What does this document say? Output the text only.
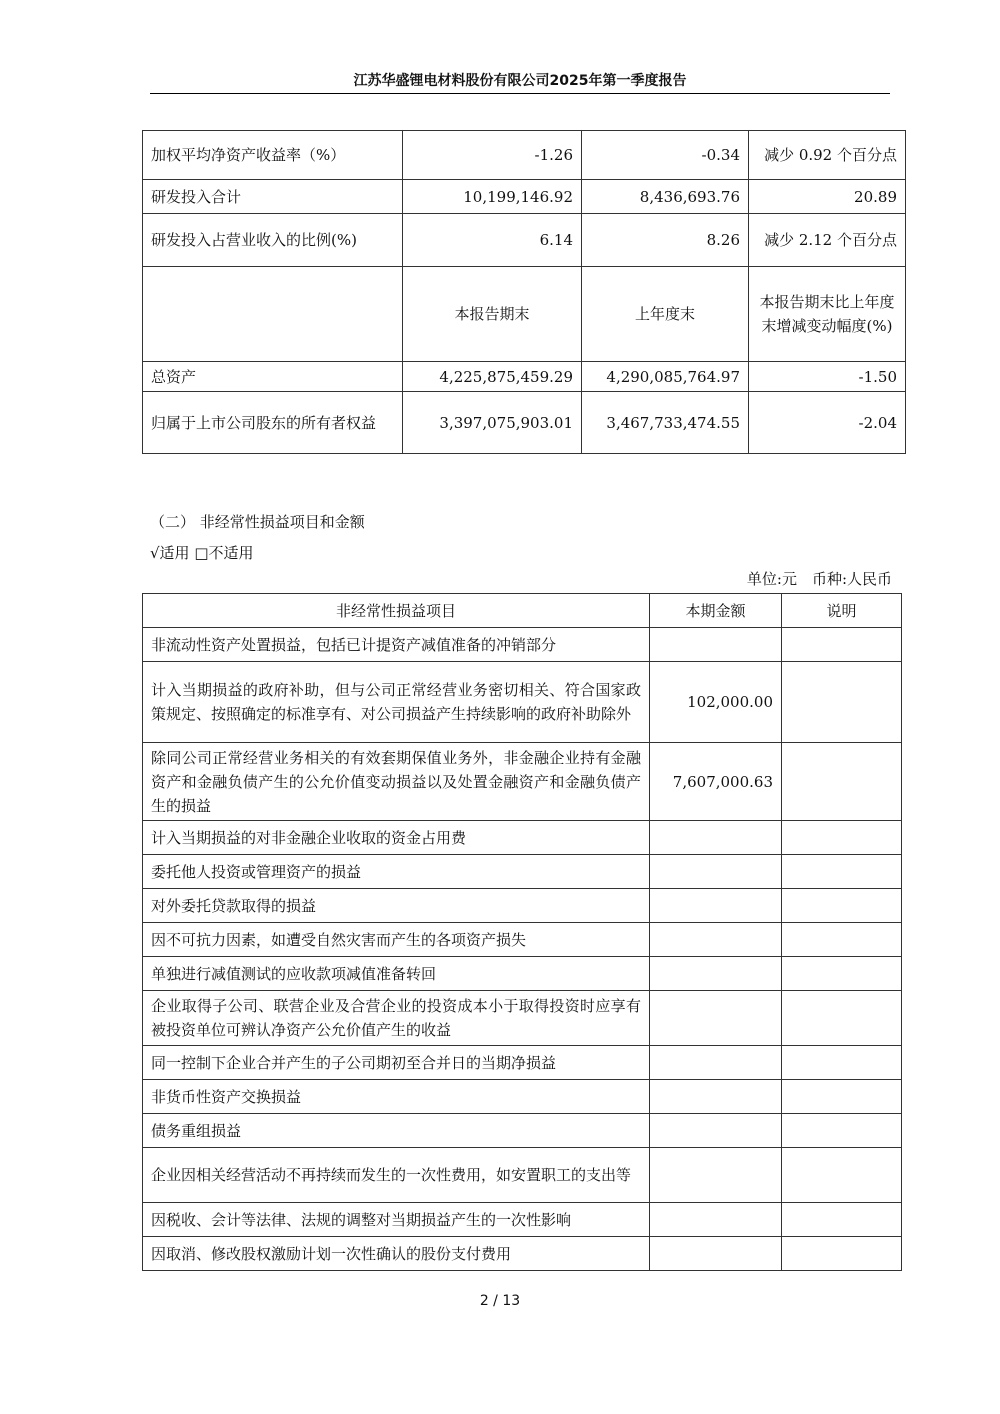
江苏华盛锂电材料股份有限公司2025年第一季度报告
加权平均净资产收益率（%）	-1.26	-0.34	减少 0.92 个百分点
研发投入合计	10,199,146.92	8,436,693.76	20.89
研发投入占营业收入的比例(%)	6.14	8.26	减少 2.12 个百分点
	本报告期末	上年度末	本报告期末比上年度末增减变动幅度(%)
总资产	4,225,875,459.29	4,290,085,764.97	-1.50
归属于上市公司股东的所有者权益	3,397,075,903.01	3,467,733,474.55	-2.04
（二） 非经常性损益项目和金额
√适用 □不适用
单位:元　币种:人民币
非经常性损益项目	本期金额	说明
非流动性资产处置损益，包括已计提资产减值准备的冲销部分		
计入当期损益的政府补助，但与公司正常经营业务密切相关、符合国家政策规定、按照确定的标准享有、对公司损益产生持续影响的政府补助除外	102,000.00	
除同公司正常经营业务相关的有效套期保值业务外，非金融企业持有金融资产和金融负债产生的公允价值变动损益以及处置金融资产和金融负债产生的损益	7,607,000.63	
计入当期损益的对非金融企业收取的资金占用费		
委托他人投资或管理资产的损益		
对外委托贷款取得的损益		
因不可抗力因素，如遭受自然灾害而产生的各项资产损失		
单独进行减值测试的应收款项减值准备转回		
企业取得子公司、联营企业及合营企业的投资成本小于取得投资时应享有被投资单位可辨认净资产公允价值产生的收益		
同一控制下企业合并产生的子公司期初至合并日的当期净损益		
非货币性资产交换损益		
债务重组损益		
企业因相关经营活动不再持续而发生的一次性费用，如安置职工的支出等		
因税收、会计等法律、法规的调整对当期损益产生的一次性影响		
因取消、修改股权激励计划一次性确认的股份支付费用		
2 / 13
